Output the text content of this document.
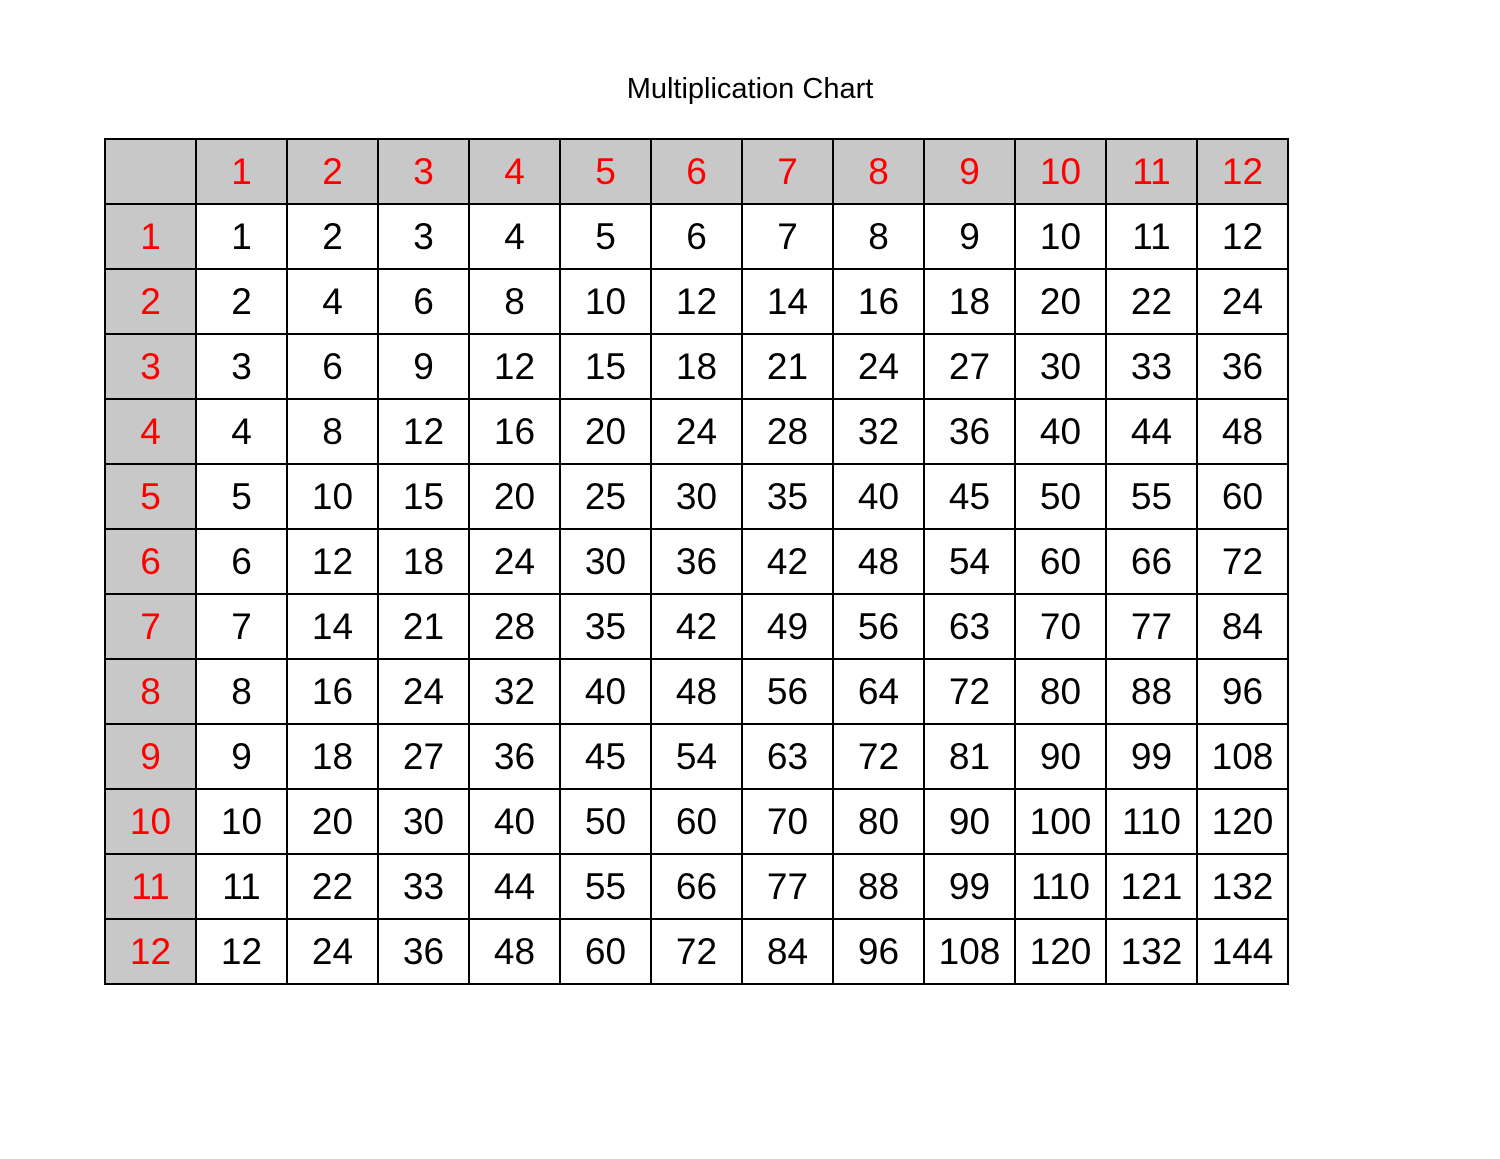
Multiplication Chart
	1	2	3	4	5	6	7	8	9	10	11	12
1	1	2	3	4	5	6	7	8	9	10	11	12
2	2	4	6	8	10	12	14	16	18	20	22	24
3	3	6	9	12	15	18	21	24	27	30	33	36
4	4	8	12	16	20	24	28	32	36	40	44	48
5	5	10	15	20	25	30	35	40	45	50	55	60
6	6	12	18	24	30	36	42	48	54	60	66	72
7	7	14	21	28	35	42	49	56	63	70	77	84
8	8	16	24	32	40	48	56	64	72	80	88	96
9	9	18	27	36	45	54	63	72	81	90	99	108
10	10	20	30	40	50	60	70	80	90	100	110	120
11	11	22	33	44	55	66	77	88	99	110	121	132
12	12	24	36	48	60	72	84	96	108	120	132	144
